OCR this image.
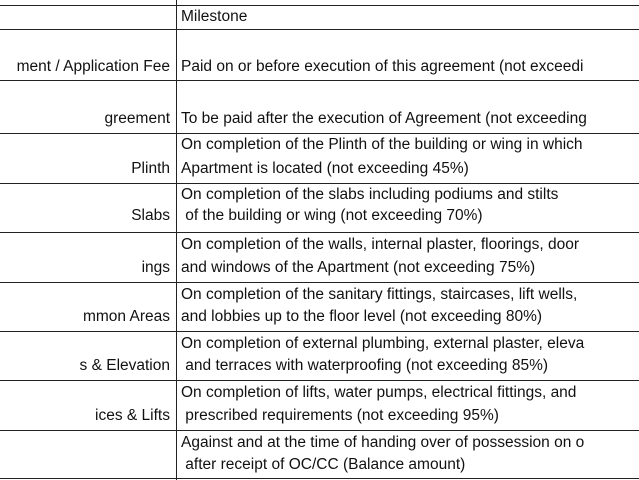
Milestone
ment / Application Fee Paid on or before execution of this agreement (not exceedi
greement To be paid after the execution of Agreement (not exceeding
Plinth
On completion of the Plinth of the building or wing in which
Apartment is located (not exceeding 45%)
Slabs
On completion of the slabs including podiums and stilts
of the building or wing (not exceeding 70%)
ings
On completion of the walls, internal plaster, floorings, door
and windows of the Apartment (not exceeding 75%)
mmon Areas
On completion of the sanitary fittings, staircases, lift wells,
and lobbies up to the floor level (not exceeding 80%)
s & Elevation
On completion of external plumbing, external plaster, eleva
and terraces with waterproofing (not exceeding 85%)
ices & Lifts
On completion of lifts, water pumps, electrical fittings, and
prescribed requirements (not exceeding 95%)
Against and at the time of handing over of possession on o
after receipt of OC/CC (Balance amount)
